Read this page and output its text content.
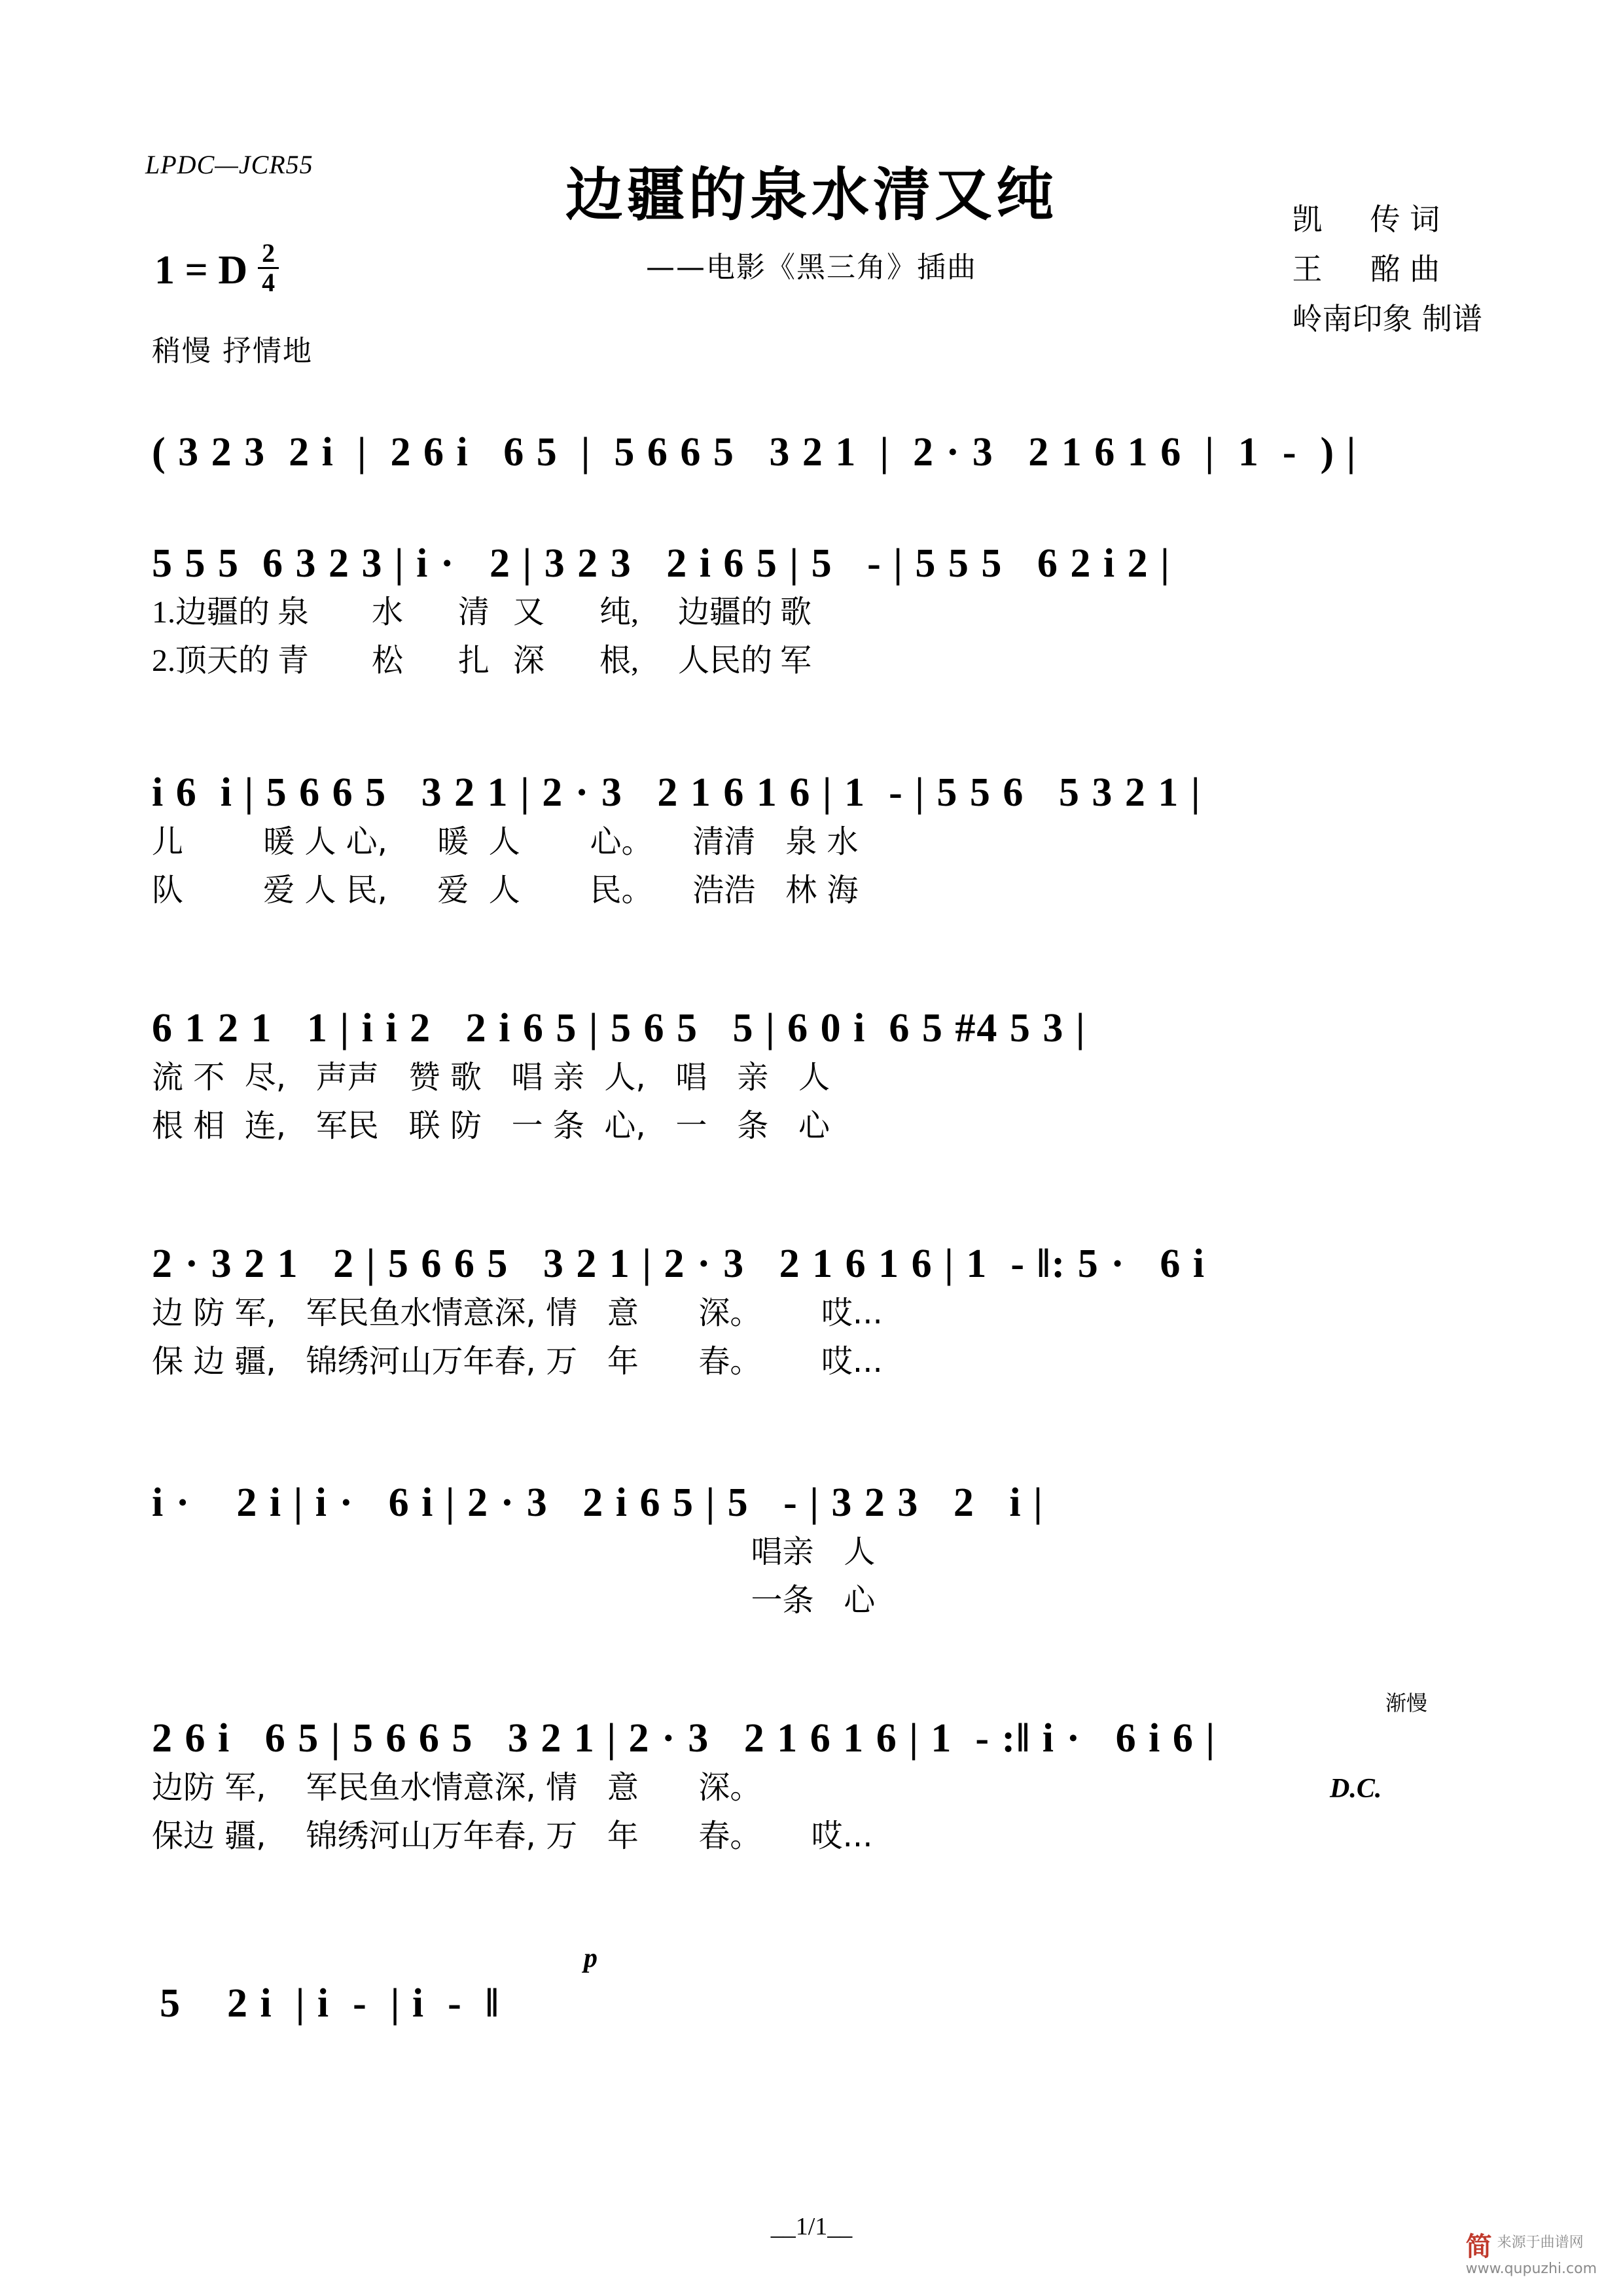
LPDC—JCR55	边疆的泉水清又纯
——电影《黑三角》插曲
凯     传 词
王     酩 曲
岭南印象 制谱
1 = D $\frac{2}{4}$
稍慢 抒情地
( 3 2 3  2 i  |  2 6 i   6 5  |  5 6 6 5   3 2 1  |  2 · 3   2 1 6 1 6  |  1  -  ) |
5 5 5  6 3 2 3 | i ·   2 | 3 2 3   2 i 6 5 | 5   - | 5 5 5   6 2 i 2 |
1.边疆的 泉        水       清   又       纯,     边疆的 歌
2.顶天的 青        松       扎   深       根,     人民的 军
i 6  i | 5 6 6 5   3 2 1 | 2 · 3   2 1 6 1 6 | 1  - | 5 5 6   5 3 2 1 |
儿        暖 人 心,     暖  人       心。    清清   泉 水
队        爱 人 民,     爱  人       民。    浩浩   林 海
6 1 2 1   1 | i i 2   2 i 6 5 | 5 6 5   5 | 6 0 i  6 5 #4 5 3 |
流 不  尽,   声声   赞 歌   唱 亲  人,   唱   亲   人
根 相  连,   军民   联 防   一 条  心,   一   条   心
2 · 3 2 1   2 | 5 6 6 5   3 2 1 | 2 · 3   2 1 6 1 6 | 1  - ‖: 5 ·   6 i
边 防 军,   军民鱼水情意深, 情   意      深。      哎...
保 边 疆,   锦绣河山万年春, 万   年      春。      哎...
i ·    2 i | i ·   6 i | 2 · 3   2 i 6 5 | 5   - | 3 2 3   2   i |
唱亲   人
一条   心
渐慢
2 6 i   6 5 | 5 6 6 5   3 2 1 | 2 · 3   2 1 6 1 6 | 1  - :‖ i ·   6 i 6 |
D.C.
边防 军,    军民鱼水情意深, 情   意      深。
保边 疆,    锦绣河山万年春, 万   年      春。     哎...
p
5    2 i  | i  -  | i  -  ‖
__1/1__
简 来源于曲谱网
www.qupuzhi.com
